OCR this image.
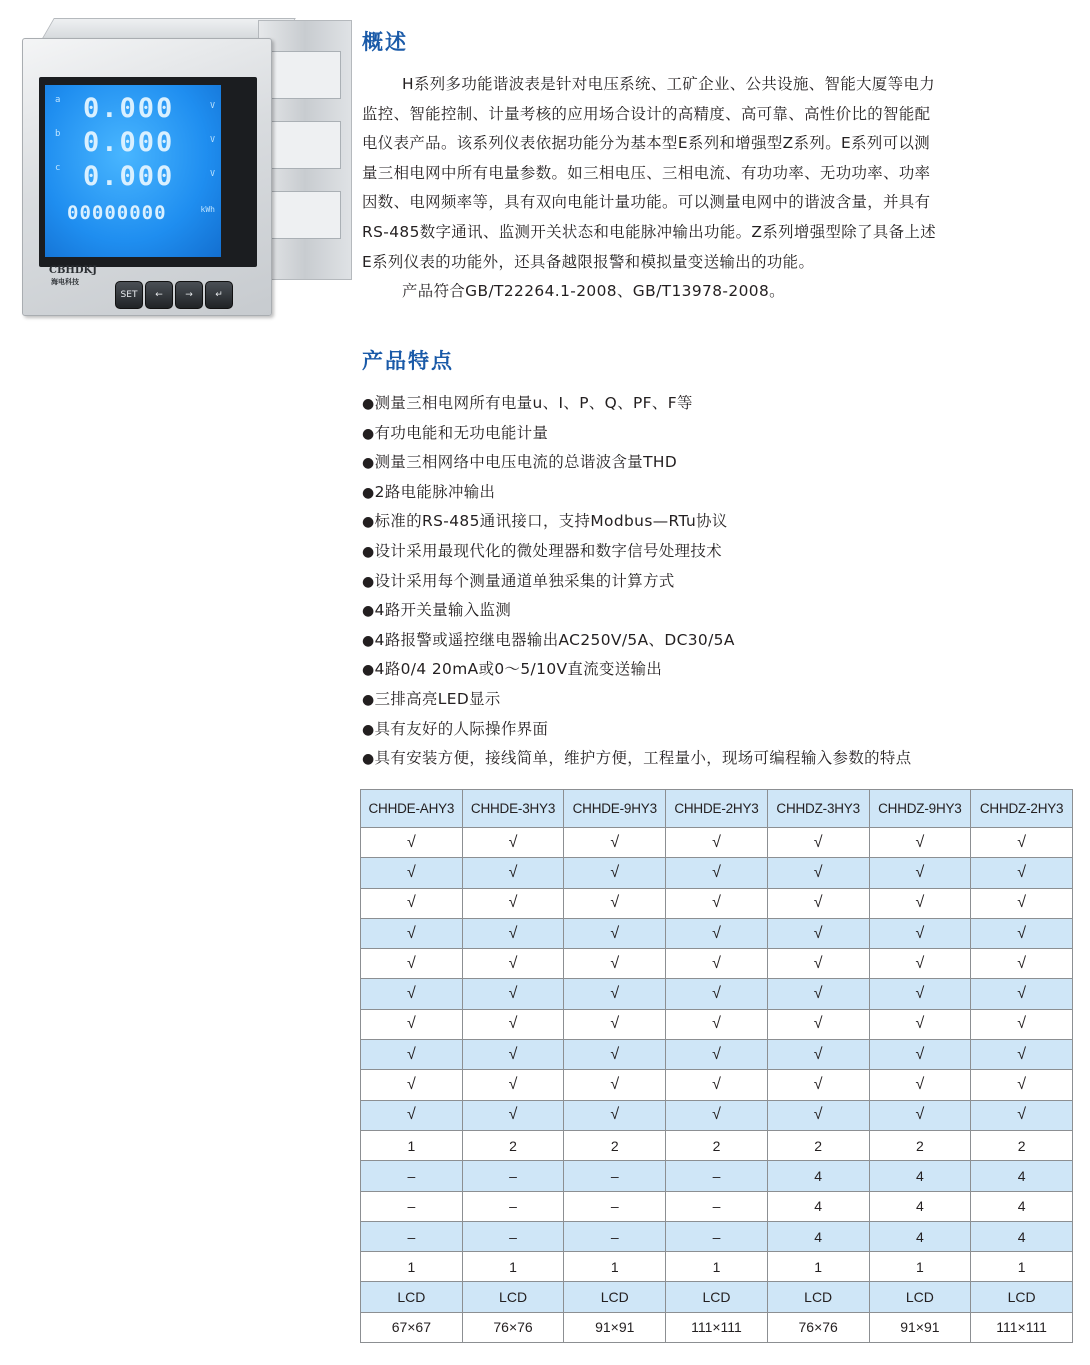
a 0.000	V
b 0.000	V
c 0.000	V
00000000	kWh
CBHDKJ
海电科技
SET	←	→	↵
概述
H系列多功能谐波表是针对电压系统、工矿企业、公共设施、智能大厦等电力
监控、智能控制、计量考核的应用场合设计的高精度、高可靠、高性价比的智能配
电仪表产品。该系列仪表依据功能分为基本型E系列和增强型Z系列。E系列可以测
量三相电网中所有电量参数。如三相电压、三相电流、有功功率、无功功率、功率
因数、电网频率等，具有双向电能计量功能。可以测量电网中的谐波含量，并具有
RS-485数字通讯、监测开关状态和电能脉冲输出功能。Z系列增强型除了具备上述
E系列仪表的功能外，还具备越限报警和模拟量变送输出的功能。
产品符合GB/T22264.1-2008、GB/T13978-2008。
产品特点
●测量三相电网所有电量u、I、P、Q、PF、F等
●有功电能和无功电能计量
●测量三相网络中电压电流的总谐波含量THD
●2路电能脉冲输出
●标准的RS-485通讯接口，支持Modbus—RTu协议
●设计采用最现代化的微处理器和数字信号处理技术
●设计采用每个测量通道单独采集的计算方式
●4路开关量输入监测
●4路报警或遥控继电器输出AC250V/5A、DC30/5A
●4路0/4 20mA或0～5/10V直流变送输出
●三排高亮LED显示
●具有友好的人际操作界面
●具有安装方便，接线简单，维护方便，工程量小，现场可编程输入参数的特点
CHHDE-AHY3	CHHDE-3HY3	CHHDE-9HY3	CHHDE-2HY3	CHHDZ-3HY3	CHHDZ-9HY3	CHHDZ-2HY3
√	√	√	√	√	√	√
√	√	√	√	√	√	√
√	√	√	√	√	√	√
√	√	√	√	√	√	√
√	√	√	√	√	√	√
√	√	√	√	√	√	√
√	√	√	√	√	√	√
√	√	√	√	√	√	√
√	√	√	√	√	√	√
√	√	√	√	√	√	√
1	2	2	2	2	2	2
–	–	–	–	4	4	4
–	–	–	–	4	4	4
–	–	–	–	4	4	4
1	1	1	1	1	1	1
LCD	LCD	LCD	LCD	LCD	LCD	LCD
67×67	76×76	91×91	111×111	76×76	91×91	111×111
